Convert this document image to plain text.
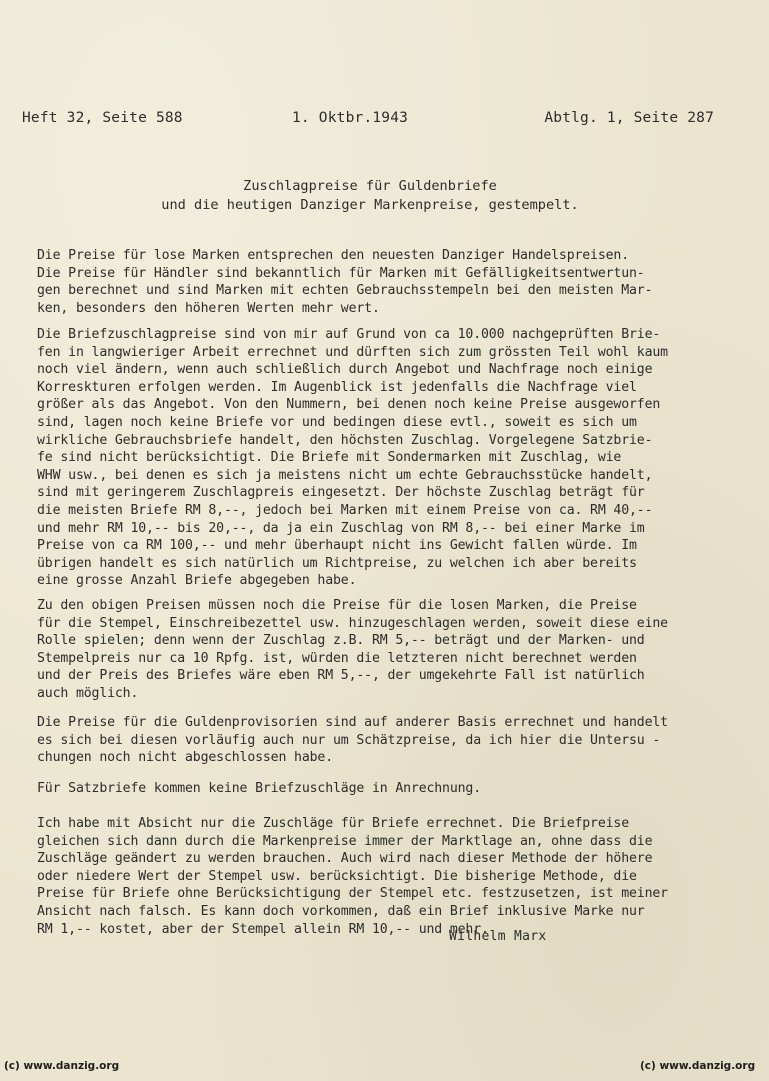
Heft 32, Seite 588	1. Oktbr.1943	Abtlg. 1, Seite 287
Zuschlagpreise für Guldenbriefe
und die heutigen Danziger Markenpreise, gestempelt.
Die Preise für lose Marken entsprechen den neuesten Danziger Handelspreisen.
Die Preise für Händler sind bekanntlich für Marken mit Gefälligkeitsentwertun-
gen berechnet und sind Marken mit echten Gebrauchsstempeln bei den meisten Mar-
ken, besonders den höheren Werten mehr wert.
Die Briefzuschlagpreise sind von mir auf Grund von ca 10.000 nachgeprüften Brie-
fen in langwieriger Arbeit errechnet und dürften sich zum grössten Teil wohl kaum
noch viel ändern, wenn auch schließlich durch Angebot und Nachfrage noch einige
Korreskturen erfolgen werden. Im Augenblick ist jedenfalls die Nachfrage viel
größer als das Angebot. Von den Nummern, bei denen noch keine Preise ausgeworfen
sind, lagen noch keine Briefe vor und bedingen diese evtl., soweit es sich um
wirkliche Gebrauchsbriefe handelt, den höchsten Zuschlag. Vorgelegene Satzbrie-
fe sind nicht berücksichtigt. Die Briefe mit Sondermarken mit Zuschlag, wie
WHW usw., bei denen es sich ja meistens nicht um echte Gebrauchsstücke handelt,
sind mit geringerem Zuschlagpreis eingesetzt. Der höchste Zuschlag beträgt für
die meisten Briefe RM 8,--, jedoch bei Marken mit einem Preise von ca. RM 40,--
und mehr RM 10,-- bis 20,--, da ja ein Zuschlag von RM 8,-- bei einer Marke im
Preise von ca RM 100,-- und mehr überhaupt nicht ins Gewicht fallen würde. Im
übrigen handelt es sich natürlich um Richtpreise, zu welchen ich aber bereits
eine grosse Anzahl Briefe abgegeben habe.
Zu den obigen Preisen müssen noch die Preise für die losen Marken, die Preise
für die Stempel, Einschreibezettel usw. hinzugeschlagen werden, soweit diese eine
Rolle spielen; denn wenn der Zuschlag z.B. RM 5,-- beträgt und der Marken- und
Stempelpreis nur ca 10 Rpfg. ist, würden die letzteren nicht berechnet werden
und der Preis des Briefes wäre eben RM 5,--, der umgekehrte Fall ist natürlich
auch möglich.
Die Preise für die Guldenprovisorien sind auf anderer Basis errechnet und handelt
es sich bei diesen vorläufig auch nur um Schätzpreise, da ich hier die Untersu -
chungen noch nicht abgeschlossen habe.
Für Satzbriefe kommen keine Briefzuschläge in Anrechnung.
Ich habe mit Absicht nur die Zuschläge für Briefe errechnet. Die Briefpreise
gleichen sich dann durch die Markenpreise immer der Marktlage an, ohne dass die
Zuschläge geändert zu werden brauchen. Auch wird nach dieser Methode der höhere
oder niedere Wert der Stempel usw. berücksichtigt. Die bisherige Methode, die
Preise für Briefe ohne Berücksichtigung der Stempel etc. festzusetzen, ist meiner
Ansicht nach falsch. Es kann doch vorkommen, daß ein Brief inklusive Marke nur
RM 1,-- kostet, aber der Stempel allein RM 10,-- und mehr.
Wilhelm Marx
(c) www.danzig.org	(c) www.danzig.org
